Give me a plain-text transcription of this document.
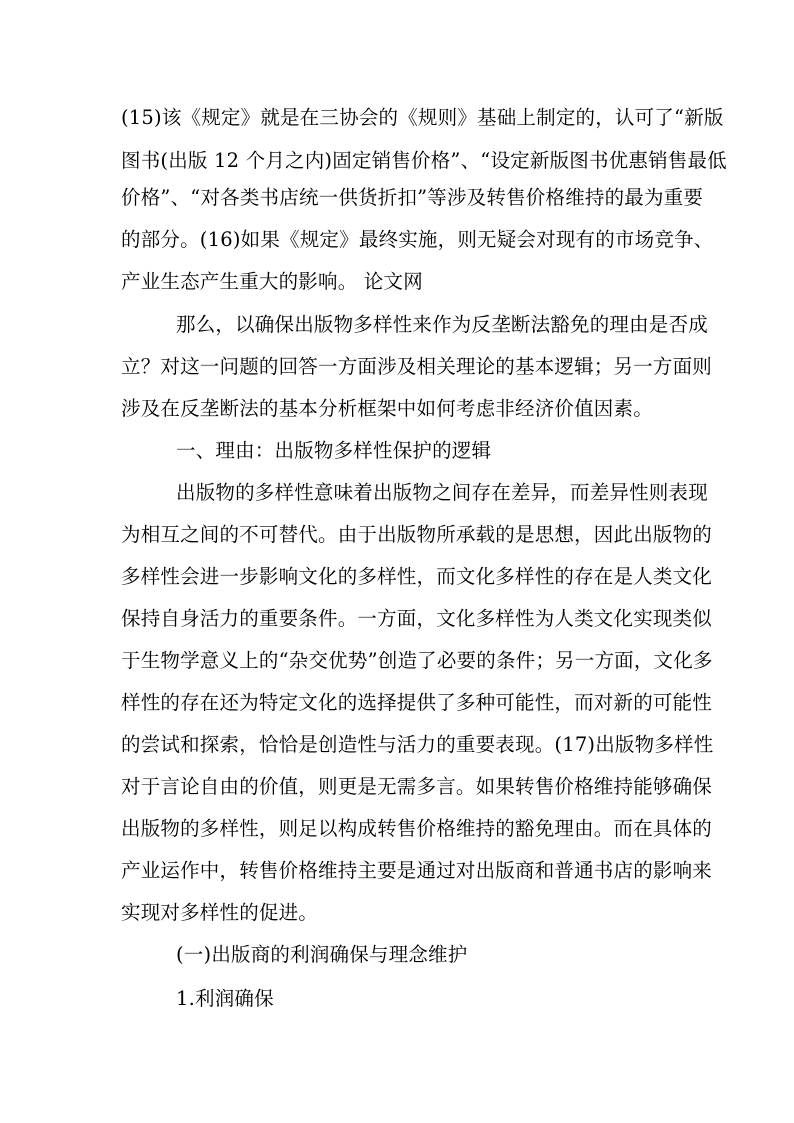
(15)该《规定》就是在三协会的《规则》基础上制定的，认可了“新版
图书(出版 12 个月之内)固定销售价格”、“设定新版图书优惠销售最低
价格”、“对各类书店统一供货折扣”等涉及转售价格维持的最为重要
的部分。(16)如果《规定》最终实施，则无疑会对现有的市场竞争、
产业生态产生重大的影响。 论文网
那么，以确保出版物多样性来作为反垄断法豁免的理由是否成
立？对这一问题的回答一方面涉及相关理论的基本逻辑；另一方面则
涉及在反垄断法的基本分析框架中如何考虑非经济价值因素。
一、理由：出版物多样性保护的逻辑
出版物的多样性意味着出版物之间存在差异，而差异性则表现
为相互之间的不可替代。由于出版物所承载的是思想，因此出版物的
多样性会进一步影响文化的多样性，而文化多样性的存在是人类文化
保持自身活力的重要条件。一方面，文化多样性为人类文化实现类似
于生物学意义上的“杂交优势”创造了必要的条件；另一方面，文化多
样性的存在还为特定文化的选择提供了多种可能性，而对新的可能性
的尝试和探索，恰恰是创造性与活力的重要表现。(17)出版物多样性
对于言论自由的价值，则更是无需多言。如果转售价格维持能够确保
出版物的多样性，则足以构成转售价格维持的豁免理由。而在具体的
产业运作中，转售价格维持主要是通过对出版商和普通书店的影响来
实现对多样性的促进。
(一)出版商的利润确保与理念维护
1.利润确保
